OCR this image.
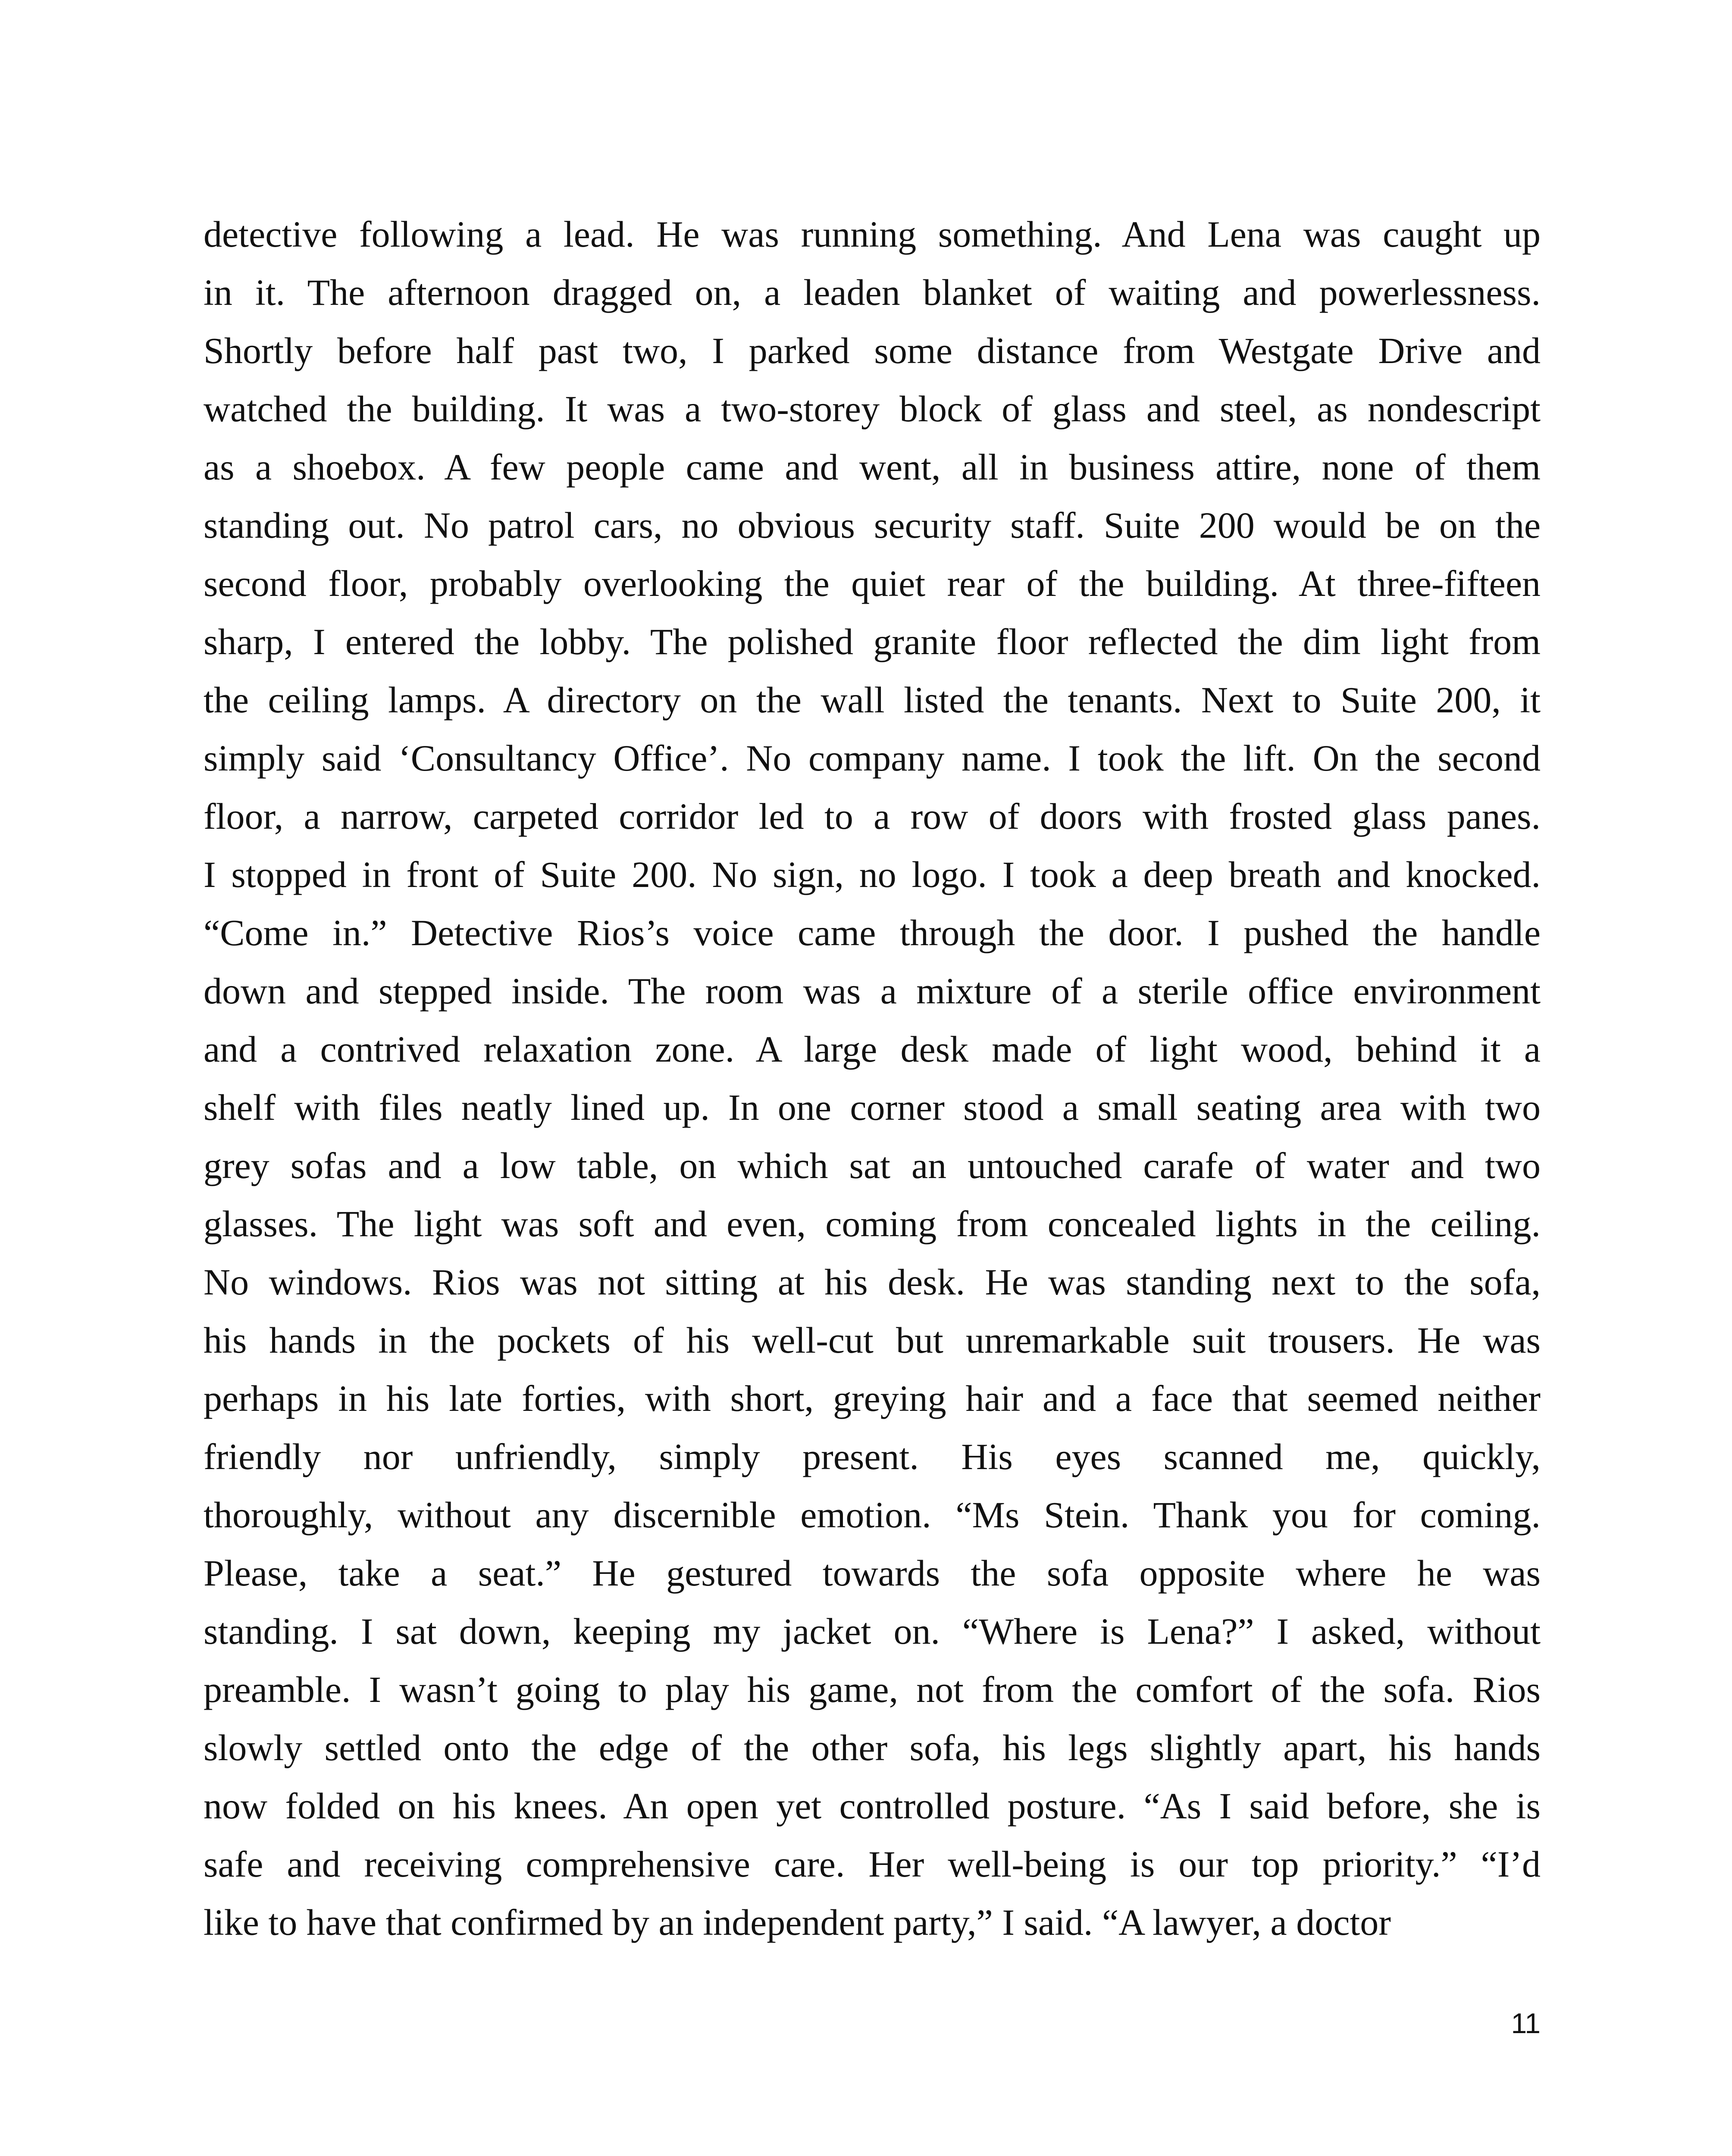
detective following a lead. He was running something. And Lena was caught up
in it. The afternoon dragged on, a leaden blanket of waiting and powerlessness.
Shortly before half past two, I parked some distance from Westgate Drive and
watched the building. It was a two-storey block of glass and steel, as nondescript
as a shoebox. A few people came and went, all in business attire, none of them
standing out. No patrol cars, no obvious security staff. Suite 200 would be on the
second floor, probably overlooking the quiet rear of the building. At three-fifteen
sharp, I entered the lobby. The polished granite floor reflected the dim light from
the ceiling lamps. A directory on the wall listed the tenants. Next to Suite 200, it
simply said ‘Consultancy Office’. No company name. I took the lift. On the second
floor, a narrow, carpeted corridor led to a row of doors with frosted glass panes.
I stopped in front of Suite 200. No sign, no logo. I took a deep breath and knocked.
“Come in.” Detective Rios’s voice came through the door. I pushed the handle
down and stepped inside. The room was a mixture of a sterile office environment
and a contrived relaxation zone. A large desk made of light wood, behind it a
shelf with files neatly lined up. In one corner stood a small seating area with two
grey sofas and a low table, on which sat an untouched carafe of water and two
glasses. The light was soft and even, coming from concealed lights in the ceiling.
No windows. Rios was not sitting at his desk. He was standing next to the sofa,
his hands in the pockets of his well-cut but unremarkable suit trousers. He was
perhaps in his late forties, with short, greying hair and a face that seemed neither
friendly nor unfriendly, simply present. His eyes scanned me, quickly,
thoroughly, without any discernible emotion. “Ms Stein. Thank you for coming.
Please, take a seat.” He gestured towards the sofa opposite where he was
standing. I sat down, keeping my jacket on. “Where is Lena?” I asked, without
preamble. I wasn’t going to play his game, not from the comfort of the sofa. Rios
slowly settled onto the edge of the other sofa, his legs slightly apart, his hands
now folded on his knees. An open yet controlled posture. “As I said before, she is
safe and receiving comprehensive care. Her well-being is our top priority.” “I’d
like to have that confirmed by an independent party,” I said. “A lawyer, a doctor
11
